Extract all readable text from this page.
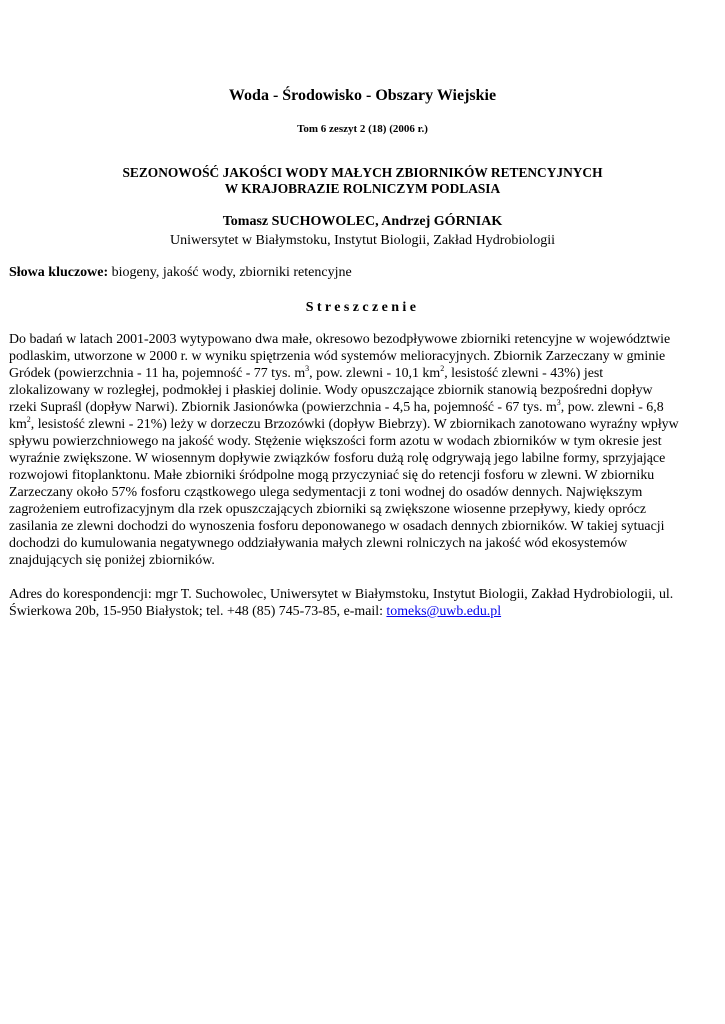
Woda - Środowisko - Obszary Wiejskie
Tom 6 zeszyt 2 (18) (2006 r.)
SEZONOWOŚĆ JAKOŚCI WODY MAŁYCH ZBIORNIKÓW RETENCYJNYCH
W KRAJOBRAZIE ROLNICZYM PODLASIA
Tomasz SUCHOWOLEC, Andrzej GÓRNIAK
Uniwersytet w Białymstoku, Instytut Biologii, Zakład Hydrobiologii
Słowa kluczowe: biogeny, jakość wody, zbiorniki retencyjne
Streszczenie
Do badań w latach 2001-2003 wytypowano dwa małe, okresowo bezodpływowe zbiorniki retencyjne w województwie
podlaskim, utworzone w 2000 r. w wyniku spiętrzenia wód systemów melioracyjnych. Zbiornik Zarzeczany w gminie
Gródek (powierzchnia - 11 ha, pojemność - 77 tys. $m^3$, pow. zlewni - 10,1 $km^2$, lesistość zlewni - 43%) jest
zlokalizowany w rozległej, podmokłej i płaskiej dolinie. Wody opuszczające zbiornik stanowią bezpośredni dopływ
rzeki Supraśl (dopływ Narwi). Zbiornik Jasionówka (powierzchnia - 4,5 ha, pojemność - 67 tys. $m^3$, pow. zlewni - 6,8
$km^2$, lesistość zlewni - 21%) leży w dorzeczu Brzozówki (dopływ Biebrzy). W zbiornikach zanotowano wyraźny wpływ
spływu powierzchniowego na jakość wody. Stężenie większości form azotu w wodach zbiorników w tym okresie jest
wyraźnie zwiększone. W wiosennym dopływie związków fosforu dużą rolę odgrywają jego labilne formy, sprzyjające
rozwojowi fitoplanktonu. Małe zbiorniki śródpolne mogą przyczyniać się do retencji fosforu w zlewni. W zbiorniku
Zarzeczany około 57% fosforu cząstkowego ulega sedymentacji z toni wodnej do osadów dennych. Największym
zagrożeniem eutrofizacyjnym dla rzek opuszczających zbiorniki są zwiększone wiosenne przepływy, kiedy oprócz
zasilania ze zlewni dochodzi do wynoszenia fosforu deponowanego w osadach dennych zbiorników. W takiej sytuacji
dochodzi do kumulowania negatywnego oddziaływania małych zlewni rolniczych na jakość wód ekosystemów
znajdujących się poniżej zbiorników.
Adres do korespondencji: mgr T. Suchowolec, Uniwersytet w Białymstoku, Instytut Biologii, Zakład Hydrobiologii, ul.
Świerkowa 20b, 15-950 Białystok; tel. +48 (85) 745-73-85, e-mail: tomeks@uwb.edu.pl
